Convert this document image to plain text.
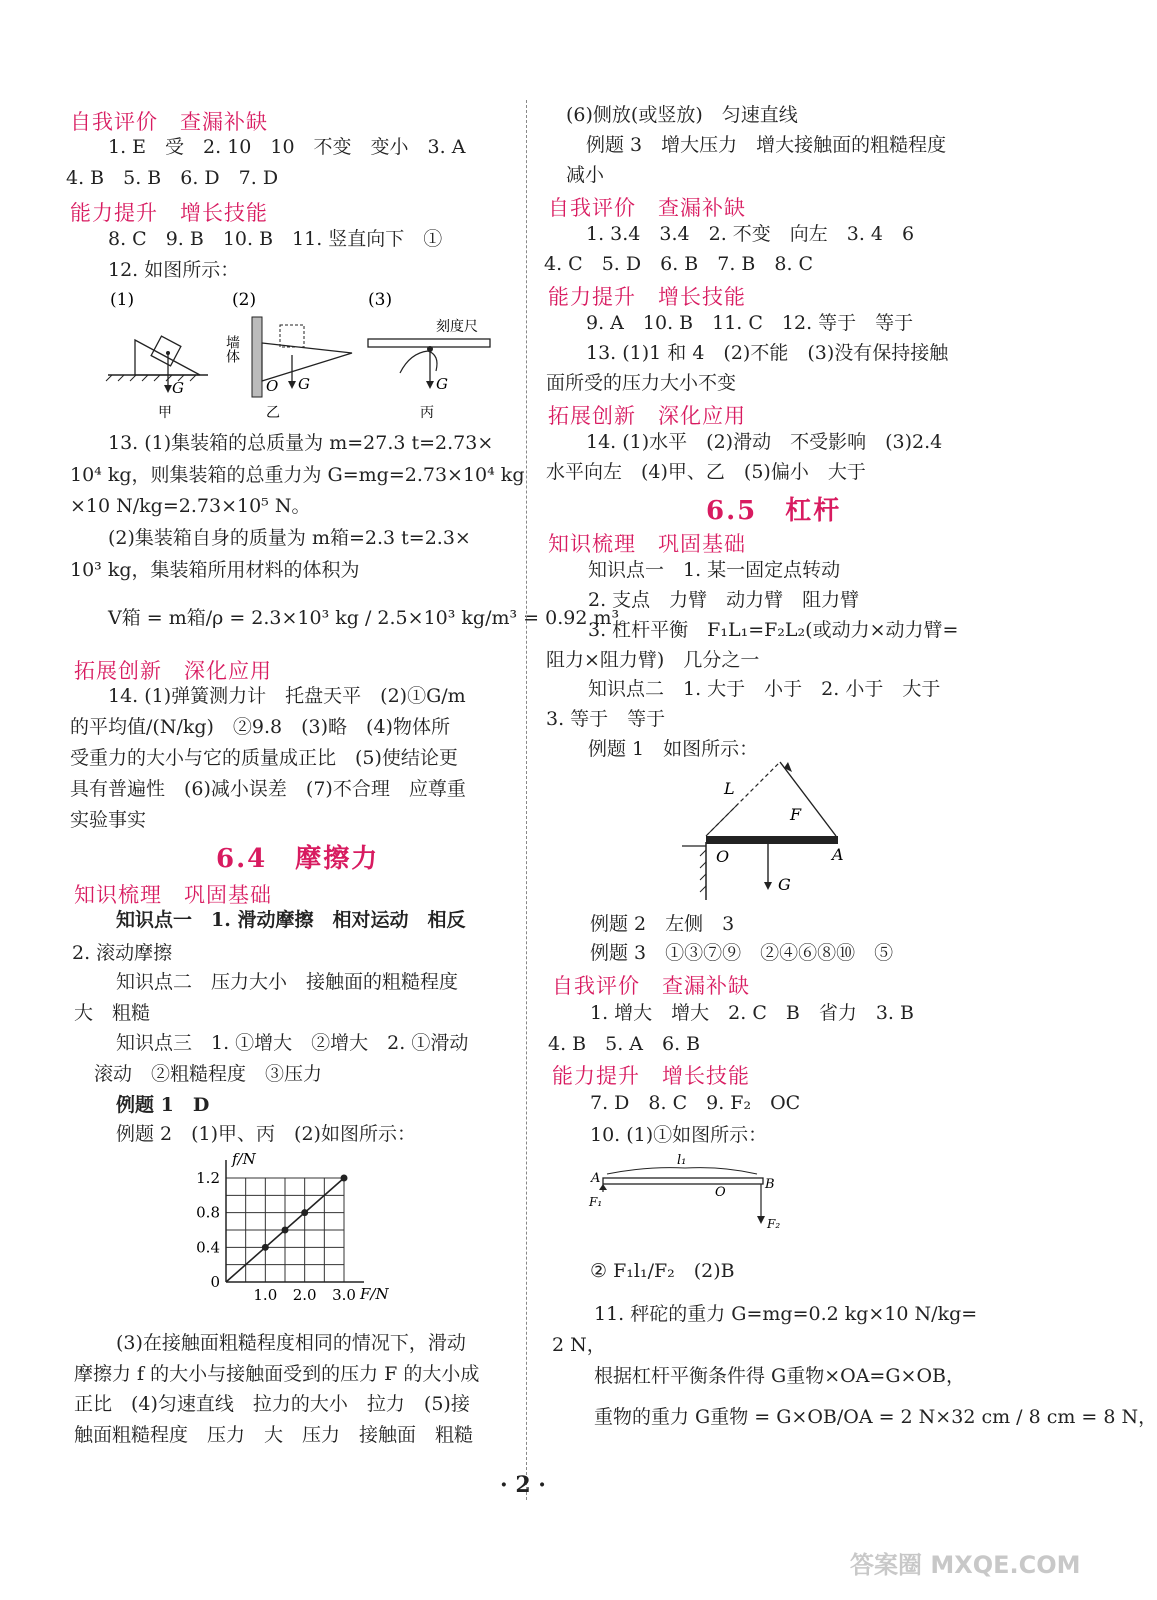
自我评价　查漏补缺
1. E　受　2. 10　10　不变　变小　3. A
4. B　5. B　6. D　7. D
能力提升　增长技能
8. C　9. B　10. B　11. 竖直向下　①
12. 如图所示：
(1)	(2)	(3)
G
甲
墙体
O G
乙
刻度尺
G
丙
13. (1)集装箱的总质量为 m=27.3 t=2.73×
10⁴ kg，则集装箱的总重力为 G=mg=2.73×10⁴ kg
×10 N/kg=2.73×10⁵ N。
(2)集装箱自身的质量为 m箱=2.3 t=2.3×
10³ kg，集装箱所用材料的体积为
V箱 = m箱/ρ = 2.3×10³ kg / 2.5×10³ kg/m³ = 0.92 m³。
拓展创新　深化应用
14. (1)弹簧测力计　托盘天平　(2)①G/m
的平均值/(N/kg)　②9.8　(3)略　(4)物体所
受重力的大小与它的质量成正比　(5)使结论更
具有普遍性　(6)减小误差　(7)不合理　应尊重
实验事实
6.4　摩擦力
知识梳理　巩固基础
知识点一　1. 滑动摩擦　相对运动　相反
2. 滚动摩擦
知识点二　压力大小　接触面的粗糙程度
大　粗糙
知识点三　1. ①增大　②增大　2. ①滑动
滚动　②粗糙程度　③压力
例题 1　D
例题 2　(1)甲、丙　(2)如图所示：
0
0.4
0.8
1.2
1.0 2.0 3.0
f/N
F/N
(3)在接触面粗糙程度相同的情况下，滑动
摩擦力 f 的大小与接触面受到的压力 F 的大小成
正比　(4)匀速直线　拉力的大小　拉力　(5)接
触面粗糙程度　压力　大　压力　接触面　粗糙
(6)侧放(或竖放)　匀速直线
例题 3　增大压力　增大接触面的粗糙程度
减小
自我评价　查漏补缺
1. 3.4　3.4　2. 不变　向左　3. 4　6
4. C　5. D　6. B　7. B　8. C
能力提升　增长技能
9. A　10. B　11. C　12. 等于　等于
13. (1)1 和 4　(2)不能　(3)没有保持接触
面所受的压力大小不变
拓展创新　深化应用
14. (1)水平　(2)滑动　不受影响　(3)2.4
水平向左　(4)甲、乙　(5)偏小　大于
6.5　杠杆
知识梳理　巩固基础
知识点一　1. 某一固定点转动
2. 支点　力臂　动力臂　阻力臂
3. 杠杆平衡　F₁L₁=F₂L₂(或动力×动力臂=
阻力×阻力臂)　几分之一
知识点二　1. 大于　小于　2. 小于　大于
3. 等于　等于
例题 1　如图所示：
L
F
O	A
G
例题 2　左侧　3
例题 3　①③⑦⑨　②④⑥⑧⑩　⑤
自我评价　查漏补缺
1. 增大　增大　2. C　B　省力　3. B
4. B　5. A　6. B
能力提升　增长技能
7. D　8. C　9. F₂　OC
10. (1)①如图所示：
l₁
A	B
O
F₁
F₂
② F₁l₁/F₂　(2)B
11. 秤砣的重力 G=mg=0.2 kg×10 N/kg=
2 N，
根据杠杆平衡条件得 G重物×OA=G×OB，
重物的重力 G重物 = G×OB/OA = 2 N×32 cm / 8 cm = 8 N，
· 2 ·
答案圈 MXQE.COM
